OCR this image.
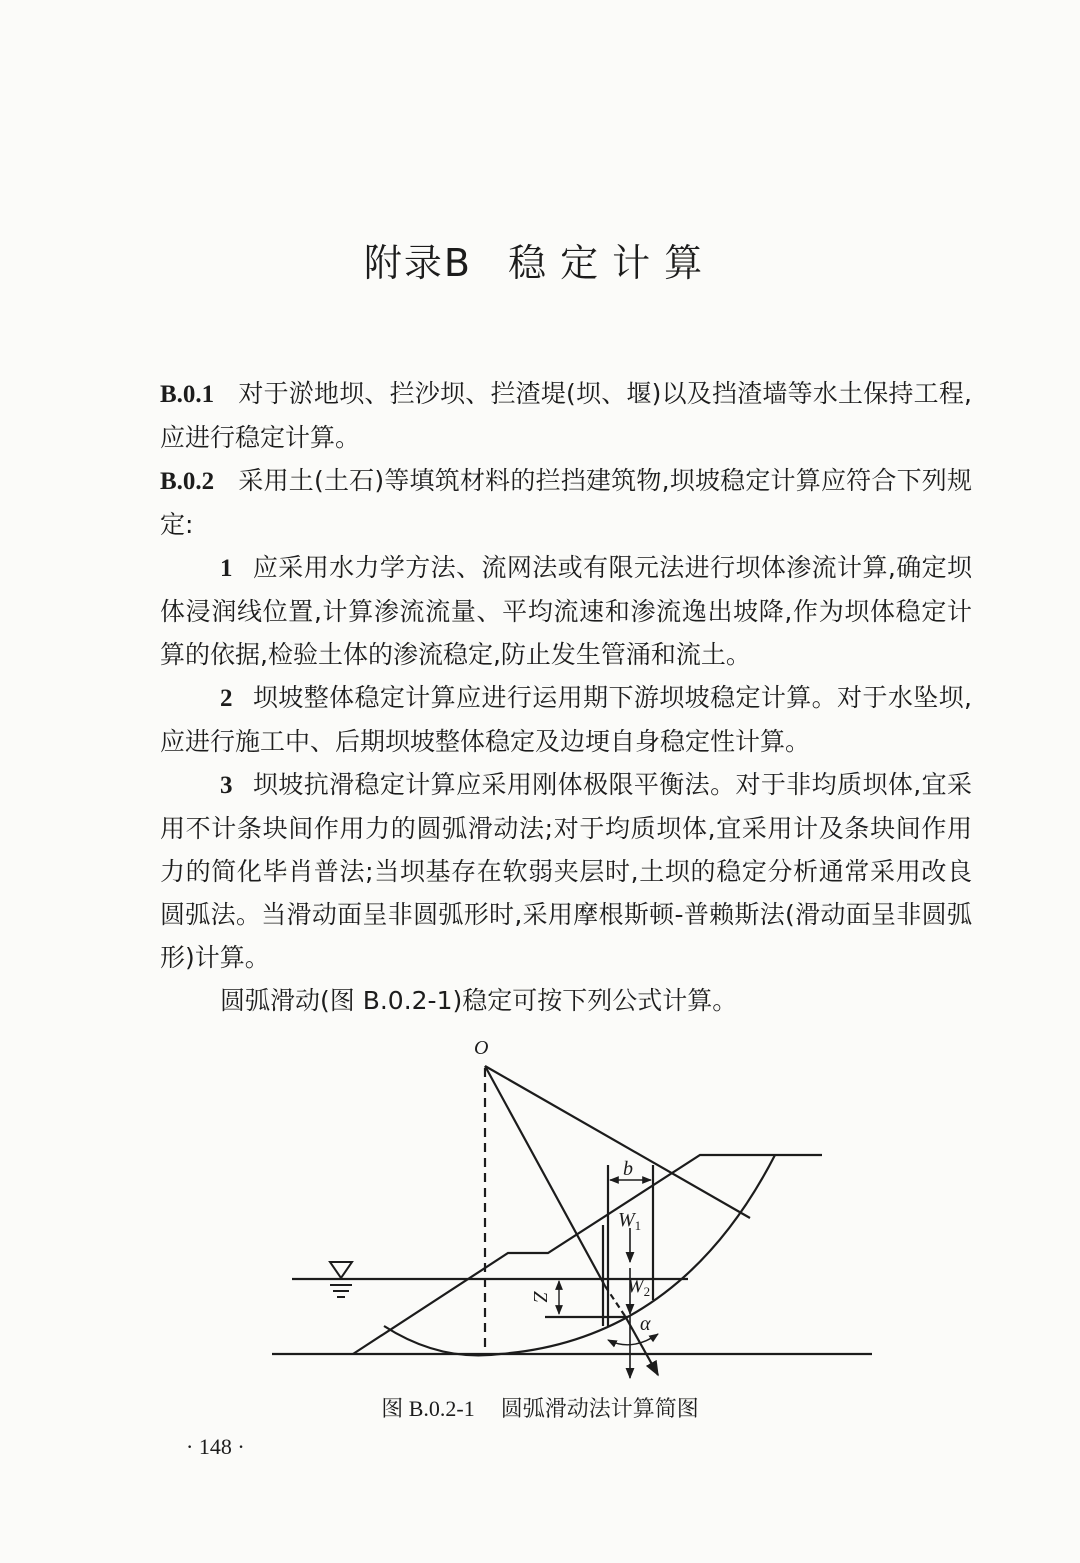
附录B 稳定计算

B.0.1 对于淤地坝、拦沙坝、拦渣堤(坝、堰)以及挡渣墙等水土保持工程,应进行稳定计算。

B.0.2 采用土(土石)等填筑材料的拦挡建筑物,坝坡稳定计算应符合下列规定:

1 应采用水力学方法、流网法或有限元法进行坝体渗流计算,确定坝体浸润线位置,计算渗流流量、平均流速和渗流逸出坡降,作为坝体稳定计算的依据,检验土体的渗流稳定,防止发生管涌和流土。

2 坝坡整体稳定计算应进行运用期下游坝坡稳定计算。对于水坠坝,应进行施工中、后期坝坡整体稳定及边埂自身稳定性计算。

3 坝坡抗滑稳定计算应采用刚体极限平衡法。对于非均质坝体,宜采用不计条块间作用力的圆弧滑动法;对于均质坝体,宜采用计及条块间作用力的简化毕肖普法;当坝基存在软弱夹层时,土坝的稳定分析通常采用改良圆弧法。当滑动面呈非圆弧形时,采用摩根斯顿-普赖斯法(滑动面呈非圆弧形)计算。

圆弧滑动(图 B.0.2-1)稳定可按下列公式计算。

O
b
$W_1$
$W_2$
Z
α
图 B.0.2-1 圆弧滑动法计算简图
· 148 ·
